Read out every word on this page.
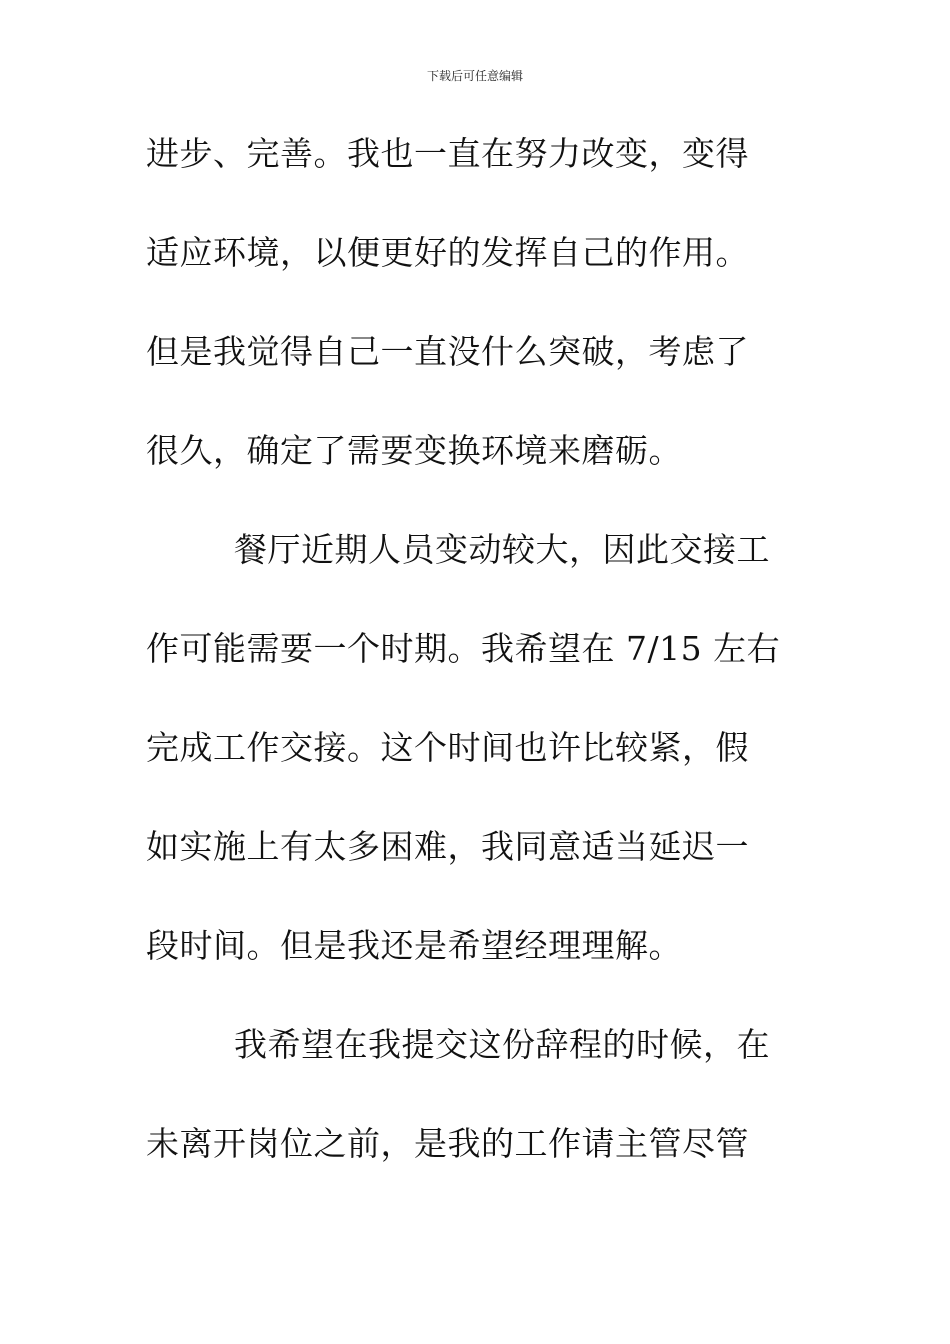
下载后可任意编辑
进步、完善。我也一直在努力改变，变得
适应环境，以便更好的发挥自己的作用。
但是我觉得自己一直没什么突破，考虑了
很久，确定了需要变换环境来磨砺。
餐厅近期人员变动较大，因此交接工
作可能需要一个时期。我希望在 7/15 左右
完成工作交接。这个时间也许比较紧，假
如实施上有太多困难，我同意适当延迟一
段时间。但是我还是希望经理理解。
我希望在我提交这份辞程的时候，在
未离开岗位之前，是我的工作请主管尽管
